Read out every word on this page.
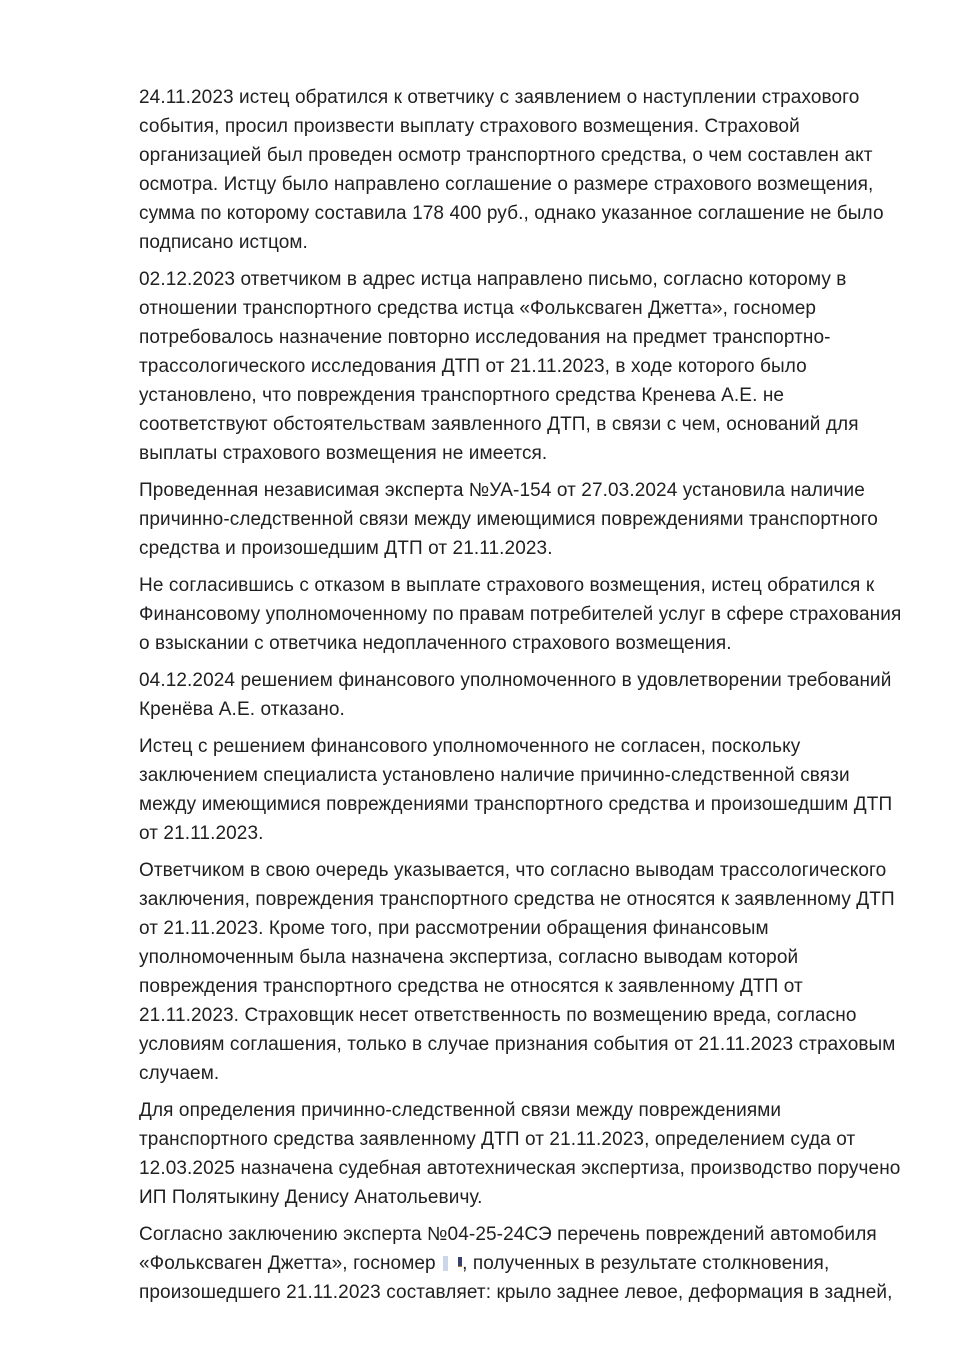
24.11.2023 истец обратился к ответчику с заявлением о наступлении страхового события, просил произвести выплату страхового возмещения. Страховой организацией был проведен осмотр транспортного средства, о чем составлен акт осмотра. Истцу было направлено соглашение о размере страхового возмещения, сумма по которому составила 178 400 руб., однако указанное соглашение не было подписано истцом.

02.12.2023 ответчиком в адрес истца направлено письмо, согласно которому в отношении транспортного средства истца «Фольксваген Джетта», госномер потребовалось назначение повторно исследования на предмет транспортно-трассологического исследования ДТП от 21.11.2023, в ходе которого было установлено, что повреждения транспортного средства Кренева А.Е. не соответствуют обстоятельствам заявленного ДТП, в связи с чем, оснований для выплаты страхового возмещения не имеется.

Проведенная независимая эксперта №УА-154 от 27.03.2024 установила наличие причинно-следственной связи между имеющимися повреждениями транспортного средства и произошедшим ДТП от 21.11.2023.

Не согласившись с отказом в выплате страхового возмещения, истец обратился к Финансовому уполномоченному по правам потребителей услуг в сфере страхования о взыскании с ответчика недоплаченного страхового возмещения.

04.12.2024 решением финансового уполномоченного в удовлетворении требований Кренёва А.Е. отказано.

Истец с решением финансового уполномоченного не согласен, поскольку заключением специалиста установлено наличие причинно-следственной связи между имеющимися повреждениями транспортного средства и произошедшим ДТП от 21.11.2023.

Ответчиком в свою очередь указывается, что согласно выводам трассологического заключения, повреждения транспортного средства не относятся к заявленному ДТП от 21.11.2023. Кроме того, при рассмотрении обращения финансовым уполномоченным была назначена экспертиза, согласно выводам которой повреждения транспортного средства не относятся к заявленному ДТП от 21.11.2023. Страховщик несет ответственность по возмещению вреда, согласно условиям соглашения, только в случае признания события от 21.11.2023 страховым случаем.

Для определения причинно-следственной связи между повреждениями транспортного средства заявленному ДТП от 21.11.2023, определением суда от 12.03.2025 назначена судебная автотехническая экспертиза, производство поручено ИП Полятыкину Денису Анатольевичу.

Согласно заключению эксперта №04-25-24СЭ перечень повреждений автомобиля «Фольксваген Джетта», госномер , полученных в результате столкновения, произошедшего 21.11.2023 составляет: крыло заднее левое, деформация в задней,
